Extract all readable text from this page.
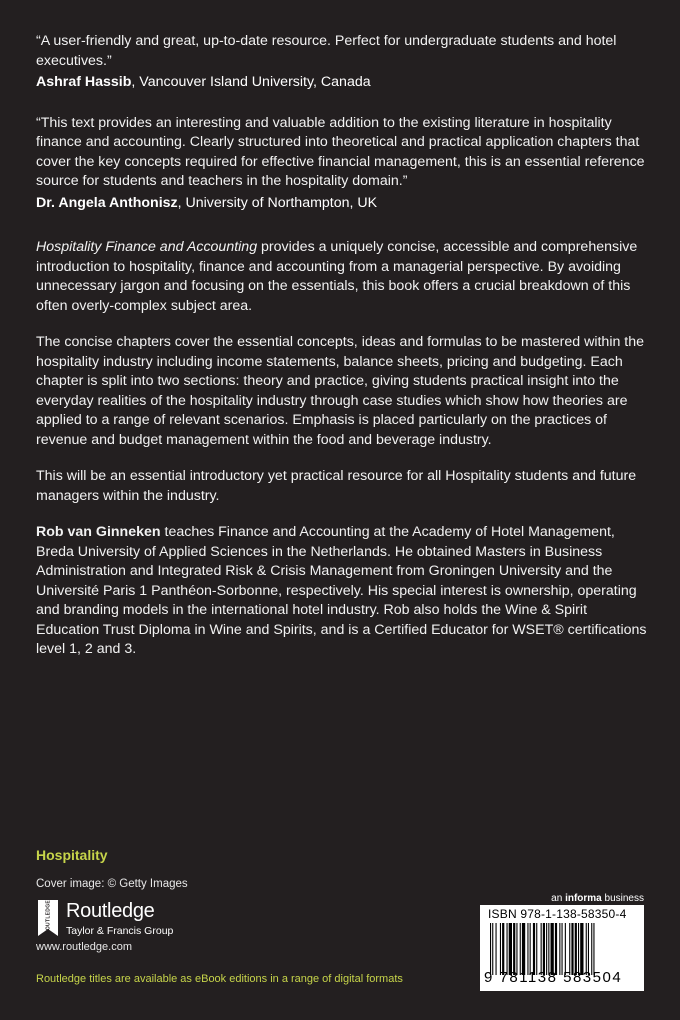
“A user-friendly and great, up-to-date resource. Perfect for undergraduate students and hotel executives.”

Ashraf Hassib, Vancouver Island University, Canada

“This text provides an interesting and valuable addition to the existing literature in hospitality finance and accounting. Clearly structured into theoretical and practical application chapters that cover the key concepts required for effective financial management, this is an essential reference source for students and teachers in the hospitality domain.”

Dr. Angela Anthonisz, University of Northampton, UK

Hospitality Finance and Accounting provides a uniquely concise, accessible and comprehensive introduction to hospitality, finance and accounting from a managerial perspective. By avoiding unnecessary jargon and focusing on the essentials, this book offers a crucial breakdown of this often overly-complex subject area.

The concise chapters cover the essential concepts, ideas and formulas to be mastered within the hospitality industry including income statements, balance sheets, pricing and budgeting. Each chapter is split into two sections: theory and practice, giving students practical insight into the everyday realities of the hospitality industry through case studies which show how theories are applied to a range of relevant scenarios. Emphasis is placed particularly on the practices of revenue and budget management within the food and beverage industry.

This will be an essential introductory yet practical resource for all Hospitality students and future managers within the industry.

Rob van Ginneken teaches Finance and Accounting at the Academy of Hotel Management, Breda University of Applied Sciences in the Netherlands. He obtained Masters in Business Administration and Integrated Risk & Crisis Management from Groningen University and the Université Paris 1 Panthéon-Sorbonne, respectively. His special interest is ownership, operating and branding models in the international hotel industry. Rob also holds the Wine & Spirit Education Trust Diploma in Wine and Spirits, and is a Certified Educator for WSET® certifications level 1, 2 and 3.

Hospitality
Cover image: © Getty Images
ROUTLEDGE Routledge
Taylor & Francis Group
www.routledge.com
Routledge titles are available as eBook editions in a range of digital formats
an informa business
ISBN 978-1-138-58350-4
9 781138 583504
